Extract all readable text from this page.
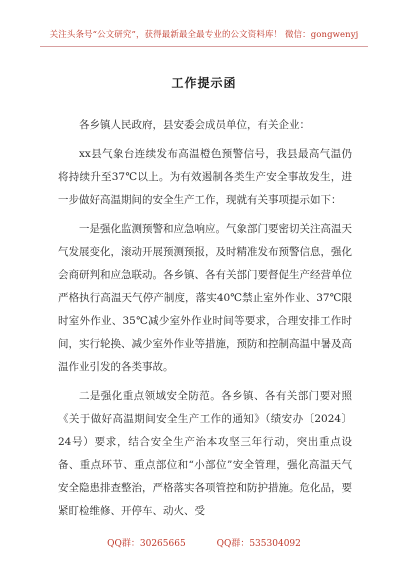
关注头条号“公文研究”，获得最新最全最专业的公文资料库！ 微信：gongwenyj
工作提示函

各乡镇人民政府，县安委会成员单位，有关企业：

xx县气象台连续发布高温橙色预警信号，我县最高气温仍将持续升至37℃以上。为有效遏制各类生产安全事故发生，进一步做好高温期间的安全生产工作，现就有关事项提示如下：

一是强化监测预警和应急响应。气象部门要密切关注高温天气发展变化，滚动开展预测预报，及时精准发布预警信息，强化会商研判和应急联动。各乡镇、各有关部门要督促生产经营单位严格执行高温天气停产制度，落实40℃禁止室外作业、37℃限时室外作业、35℃减少室外作业时间等要求，合理安排工作时间，实行轮换、减少室外作业等措施，预防和控制高温中暑及高温作业引发的各类事故。

二是强化重点领域安全防范。各乡镇、各有关部门要对照《关于做好高温期间安全生产工作的通知》（绩安办〔2024〕24号）要求，结合安全生产治本攻坚三年行动，突出重点设备、重点环节、重点部位和“小部位”安全管理，强化高温天气安全隐患排查整治，严格落实各项管控和防护措施。危化品，要紧盯检维修、开停车、动火、受

QQ群：30265665	QQ群：535304092
